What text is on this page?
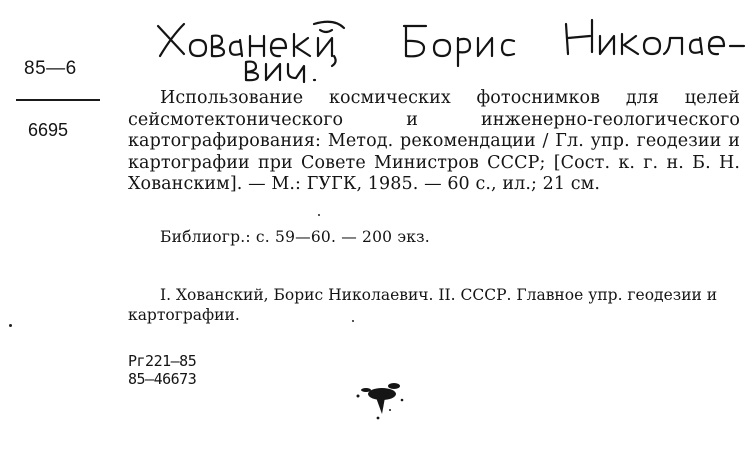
85—6
6695
Использование космических фотоснимков для целей сейсмотектонического и инженерно-геологического картографирования: Метод. рекомендации / Гл. упр. геодезии и картографии при Совете Министров СССР; [Сост. к. г. н. Б. Н. Хованским]. — М.: ГУГК, 1985. — 60 с., ил.; 21 см.
Библиогр.: с. 59—60. — 200 экз.
I. Хованский, Борис Николаевич. II. СССР. Главное упр. геодезии и картографии.
Рг221—85
85—46673
